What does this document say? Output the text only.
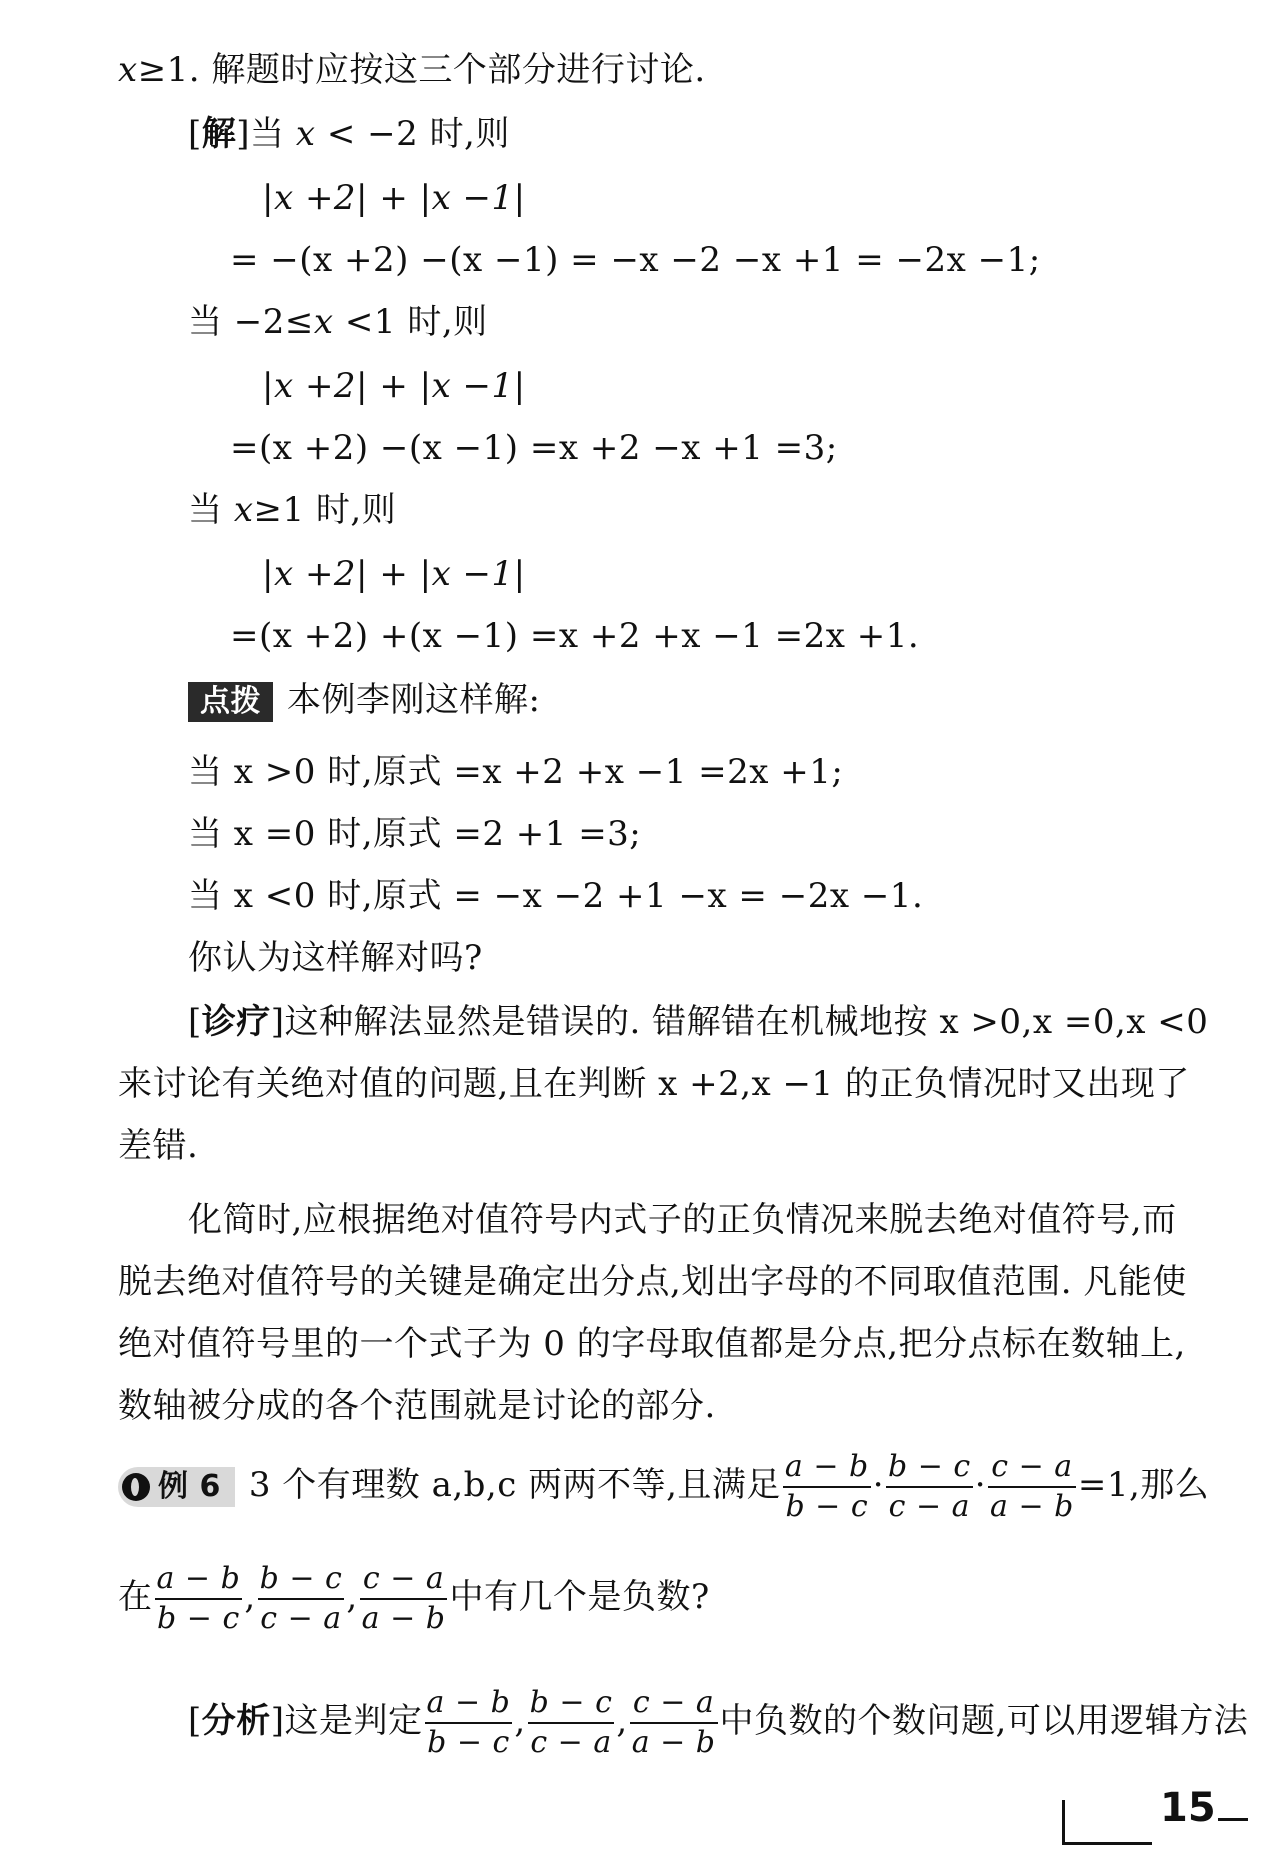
x≥1. 解题时应按这三个部分进行讨论.
[解]当 x < −2 时,则
|x +2| + |x −1|
= −(x +2) −(x −1) = −x −2 −x +1 = −2x −1;
当 −2≤x <1 时,则
|x +2| + |x −1|
=(x +2) −(x −1) =x +2 −x +1 =3;
当 x≥1 时,则
|x +2| + |x −1|
=(x +2) +(x −1) =x +2 +x −1 =2x +1.
点拨 本例李刚这样解:
当 x >0 时,原式 =x +2 +x −1 =2x +1;
当 x =0 时,原式 =2 +1 =3;
当 x <0 时,原式 = −x −2 +1 −x = −2x −1.
你认为这样解对吗?
[诊疗]这种解法显然是错误的. 错解错在机械地按 x >0,x =0,x <0
来讨论有关绝对值的问题,且在判断 x +2,x −1 的正负情况时又出现了
差错.
化简时,应根据绝对值符号内式子的正负情况来脱去绝对值符号,而
脱去绝对值符号的关键是确定出分点,划出字母的不同取值范围. 凡能使
绝对值符号里的一个式子为 0 的字母取值都是分点,把分点标在数轴上,
数轴被分成的各个范围就是讨论的部分.
例 6 3 个有理数 a,b,c 两两不等,且满足 $\frac{a - b}{b - c} \cdot \frac{b - c}{c - a} \cdot \frac{c - a}{a - b} =1$,那么
在 $\frac{a - b}{b - c}$ , $\frac{b - c}{c - a}$ , $\frac{c - a}{a - b}$ 中有几个是负数?
[分析]这是判定 $\frac{a - b}{b - c}$ , $\frac{b - c}{c - a}$ , $\frac{c - a}{a - b}$ 中负数的个数问题,可以用逻辑方法
15
